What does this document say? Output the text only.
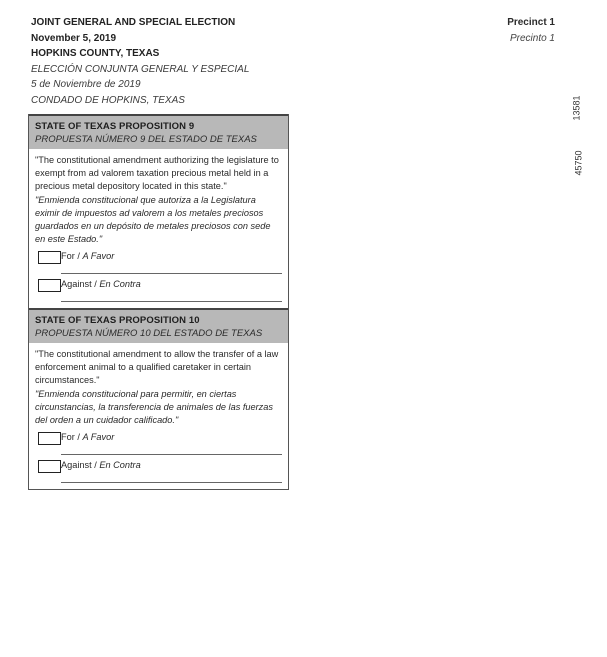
JOINT GENERAL AND SPECIAL ELECTION
November 5, 2019
HOPKINS COUNTY, TEXAS
ELECCIÓN CONJUNTA GENERAL Y ESPECIAL
5 de Noviembre de 2019
CONDADO DE HOPKINS, TEXAS
Precinct 1
Precinto 1
13581
45750
STATE OF TEXAS PROPOSITION 9
PROPUESTA NÚMERO 9 DEL ESTADO DE TEXAS
"The constitutional amendment authorizing the legislature to exempt from ad valorem taxation precious metal held in a precious metal depository located in this state."
"Enmienda constitucional que autoriza a la Legislatura eximir de impuestos ad valorem a los metales preciosos guardados en un depósito de metales preciosos con sede en este Estado."
For / A Favor
Against / En Contra
STATE OF TEXAS PROPOSITION 10
PROPUESTA NÚMERO 10 DEL ESTADO DE TEXAS
"The constitutional amendment to allow the transfer of a law enforcement animal to a qualified caretaker in certain circumstances."
"Enmienda constitucional para permitir, en ciertas circunstancias, la transferencia de animales de las fuerzas del orden a un cuidador calificado."
For / A Favor
Against / En Contra
